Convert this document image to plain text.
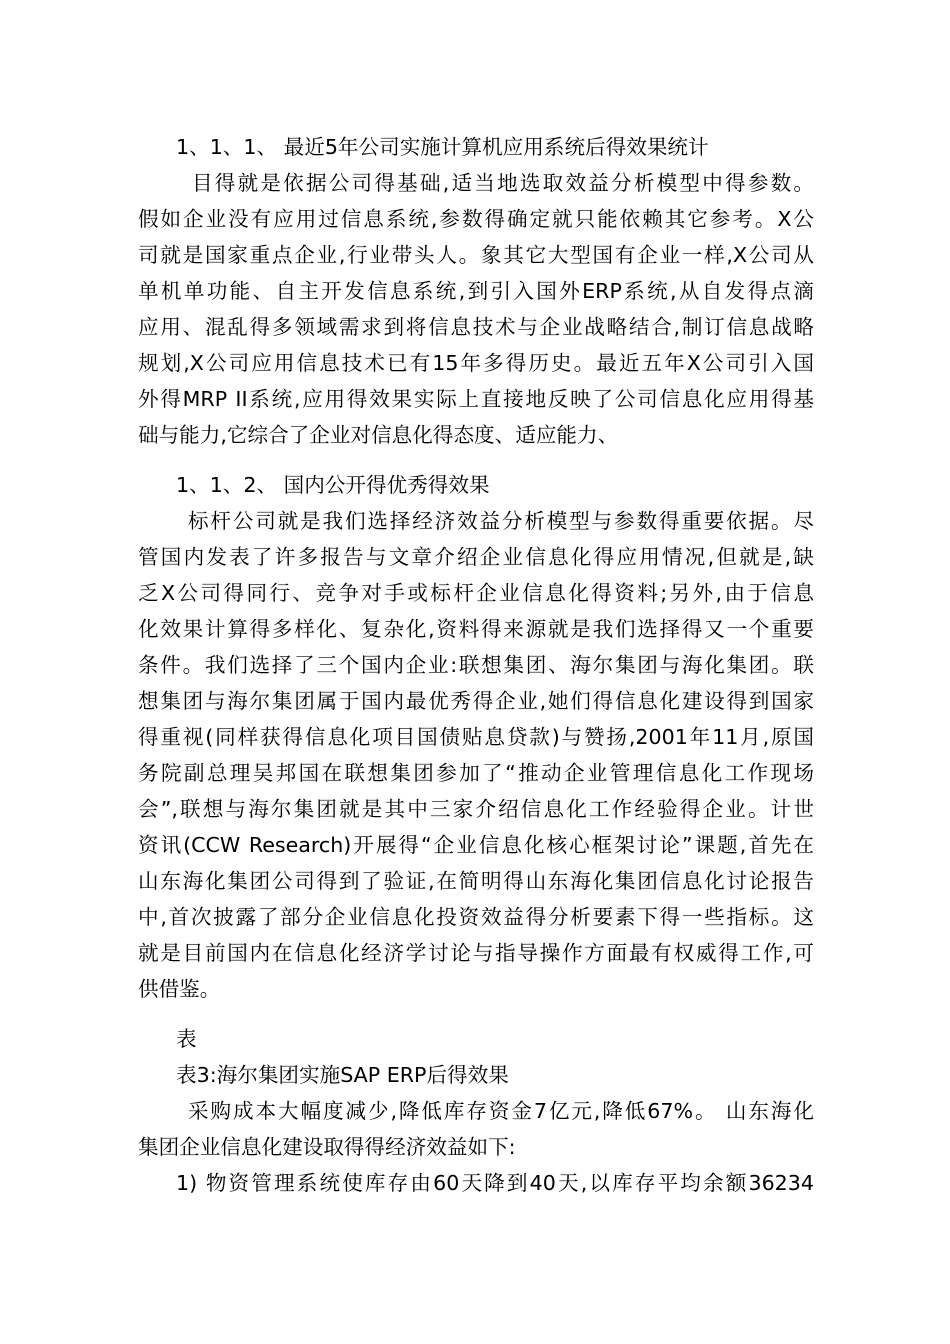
1、1、1、 最近5年公司实施计算机应用系统后得效果统计
目得就是依据公司得基础,适当地选取效益分析模型中得参数。
假如企业没有应用过信息系统,参数得确定就只能依赖其它参考。X公
司就是国家重点企业,行业带头人。象其它大型国有企业一样,X公司从
单机单功能、自主开发信息系统,到引入国外ERP系统,从自发得点滴
应用、混乱得多领域需求到将信息技术与企业战略结合,制订信息战略
规划,X公司应用信息技术已有15年多得历史。最近五年X公司引入国
外得MRP II系统,应用得效果实际上直接地反映了公司信息化应用得基
础与能力,它综合了企业对信息化得态度、适应能力、
1、1、2、 国内公开得优秀得效果
标杆公司就是我们选择经济效益分析模型与参数得重要依据。尽
管国内发表了许多报告与文章介绍企业信息化得应用情况,但就是,缺
乏X公司得同行、竞争对手或标杆企业信息化得资料;另外,由于信息
化效果计算得多样化、复杂化,资料得来源就是我们选择得又一个重要
条件。我们选择了三个国内企业:联想集团、海尔集团与海化集团。联
想集团与海尔集团属于国内最优秀得企业,她们得信息化建设得到国家
得重视(同样获得信息化项目国债贴息贷款)与赞扬,2001年11月,原国
务院副总理吴邦国在联想集团参加了“推动企业管理信息化工作现场
会”,联想与海尔集团就是其中三家介绍信息化工作经验得企业。计世
资讯(CCW Research)开展得“企业信息化核心框架讨论”课题,首先在
山东海化集团公司得到了验证,在简明得山东海化集团信息化讨论报告
中,首次披露了部分企业信息化投资效益得分析要素下得一些指标。这
就是目前国内在信息化经济学讨论与指导操作方面最有权威得工作,可
供借鉴。
表
表3:海尔集团实施SAP ERP后得效果
采购成本大幅度减少,降低库存资金7亿元,降低67%。 山东海化
集团企业信息化建设取得得经济效益如下:
1) 物资管理系统使库存由60天降到40天,以库存平均余额36234
